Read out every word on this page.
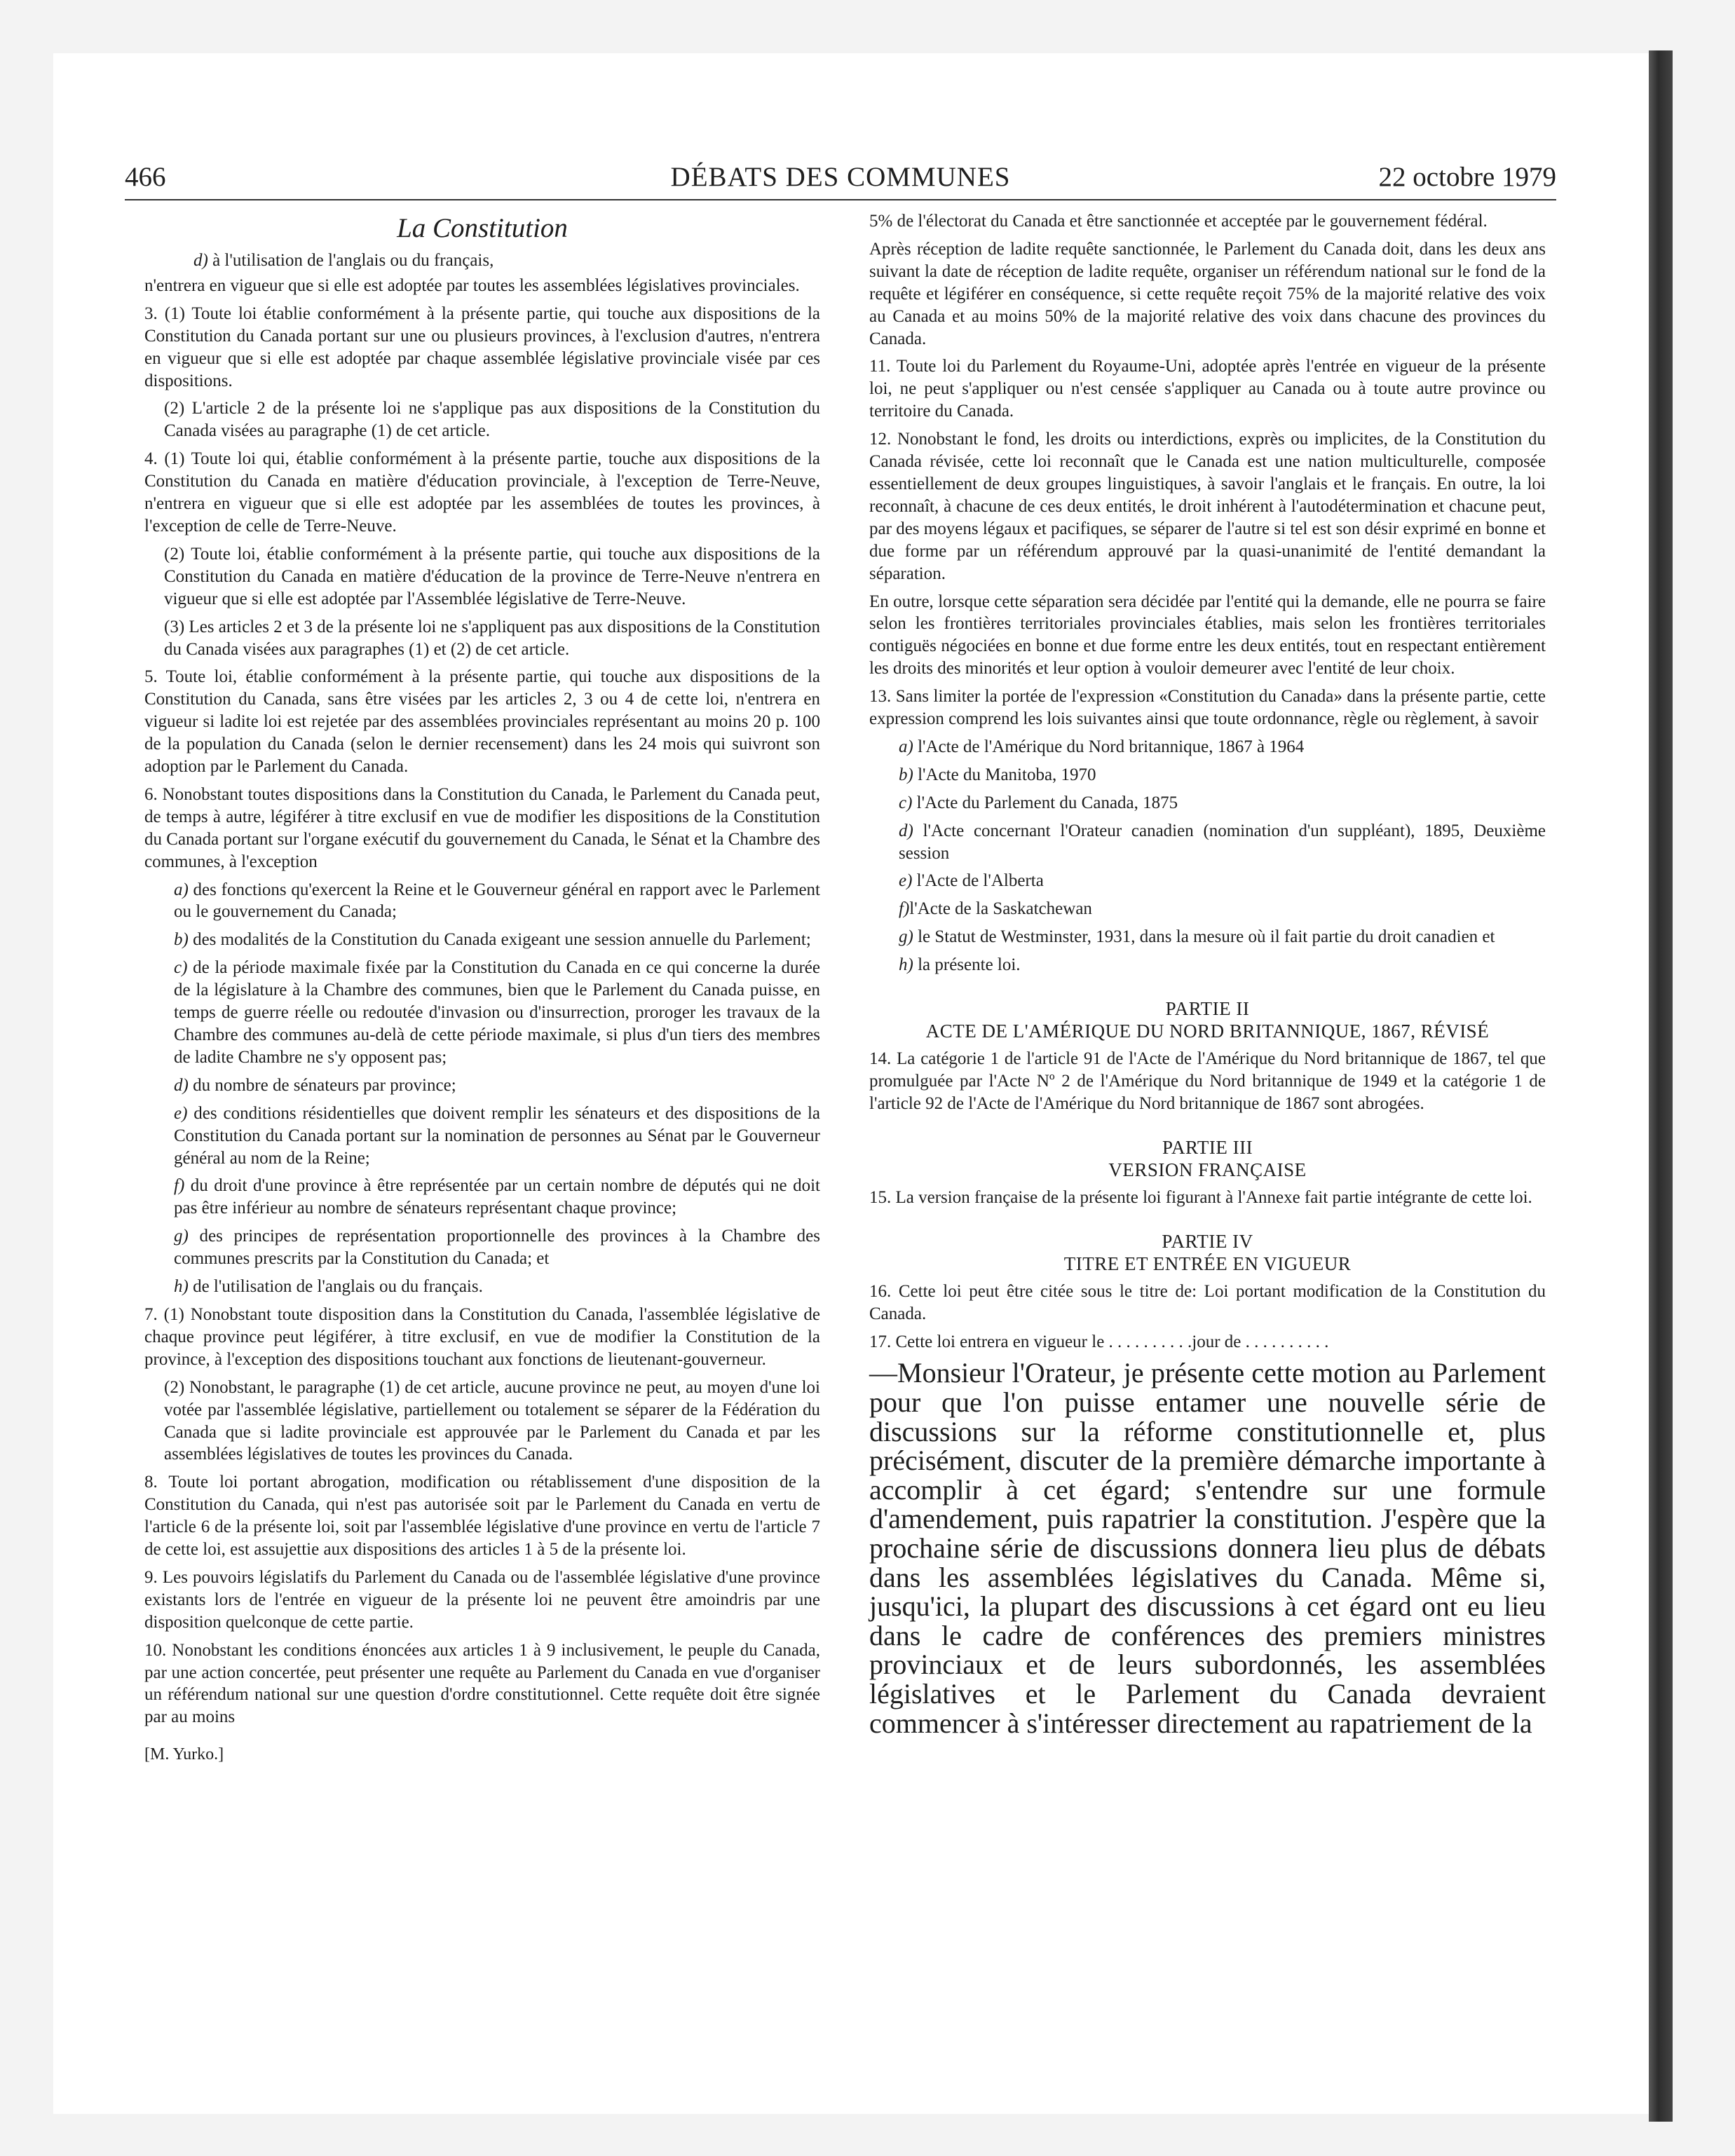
466	DÉBATS DES COMMUNES	22 octobre 1979
La Constitution

d) à l'utilisation de l'anglais ou du français,

n'entrera en vigueur que si elle est adoptée par toutes les assemblées législatives provinciales.

3. (1) Toute loi établie conformément à la présente partie, qui touche aux dispositions de la Constitution du Canada portant sur une ou plusieurs provinces, à l'exclusion d'autres, n'entrera en vigueur que si elle est adoptée par chaque assemblée législative provinciale visée par ces dispositions.

(2) L'article 2 de la présente loi ne s'applique pas aux dispositions de la Constitution du Canada visées au paragraphe (1) de cet article.

4. (1) Toute loi qui, établie conformément à la présente partie, touche aux dispositions de la Constitution du Canada en matière d'éducation provinciale, à l'exception de Terre-Neuve, n'entrera en vigueur que si elle est adoptée par les assemblées de toutes les provinces, à l'exception de celle de Terre-Neuve.

(2) Toute loi, établie conformément à la présente partie, qui touche aux dispositions de la Constitution du Canada en matière d'éducation de la province de Terre-Neuve n'entrera en vigueur que si elle est adoptée par l'Assemblée législative de Terre-Neuve.

(3) Les articles 2 et 3 de la présente loi ne s'appliquent pas aux dispositions de la Constitution du Canada visées aux paragraphes (1) et (2) de cet article.

5. Toute loi, établie conformément à la présente partie, qui touche aux dispositions de la Constitution du Canada, sans être visées par les articles 2, 3 ou 4 de cette loi, n'entrera en vigueur si ladite loi est rejetée par des assemblées provinciales représentant au moins 20 p. 100 de la population du Canada (selon le dernier recensement) dans les 24 mois qui suivront son adoption par le Parlement du Canada.

6. Nonobstant toutes dispositions dans la Constitution du Canada, le Parlement du Canada peut, de temps à autre, légiférer à titre exclusif en vue de modifier les dispositions de la Constitution du Canada portant sur l'organe exécutif du gouvernement du Canada, le Sénat et la Chambre des communes, à l'exception

a) des fonctions qu'exercent la Reine et le Gouverneur général en rapport avec le Parlement ou le gouvernement du Canada;

b) des modalités de la Constitution du Canada exigeant une session annuelle du Parlement;

c) de la période maximale fixée par la Constitution du Canada en ce qui concerne la durée de la législature à la Chambre des communes, bien que le Parlement du Canada puisse, en temps de guerre réelle ou redoutée d'invasion ou d'insurrection, proroger les travaux de la Chambre des communes au-delà de cette période maximale, si plus d'un tiers des membres de ladite Chambre ne s'y opposent pas;

d) du nombre de sénateurs par province;

e) des conditions résidentielles que doivent remplir les sénateurs et des dispositions de la Constitution du Canada portant sur la nomination de personnes au Sénat par le Gouverneur général au nom de la Reine;

f) du droit d'une province à être représentée par un certain nombre de députés qui ne doit pas être inférieur au nombre de sénateurs représentant chaque province;

g) des principes de représentation proportionnelle des provinces à la Chambre des communes prescrits par la Constitution du Canada; et

h) de l'utilisation de l'anglais ou du français.

7. (1) Nonobstant toute disposition dans la Constitution du Canada, l'assemblée législative de chaque province peut légiférer, à titre exclusif, en vue de modifier la Constitution de la province, à l'exception des dispositions touchant aux fonctions de lieutenant-gouverneur.

(2) Nonobstant, le paragraphe (1) de cet article, aucune province ne peut, au moyen d'une loi votée par l'assemblée législative, partiellement ou totalement se séparer de la Fédération du Canada que si ladite provinciale est approuvée par le Parlement du Canada et par les assemblées législatives de toutes les provinces du Canada.

8. Toute loi portant abrogation, modification ou rétablissement d'une disposition de la Constitution du Canada, qui n'est pas autorisée soit par le Parlement du Canada en vertu de l'article 6 de la présente loi, soit par l'assemblée législative d'une province en vertu de l'article 7 de cette loi, est assujettie aux dispositions des articles 1 à 5 de la présente loi.

9. Les pouvoirs législatifs du Parlement du Canada ou de l'assemblée législative d'une province existants lors de l'entrée en vigueur de la présente loi ne peuvent être amoindris par une disposition quelconque de cette partie.

10. Nonobstant les conditions énoncées aux articles 1 à 9 inclusivement, le peuple du Canada, par une action concertée, peut présenter une requête au Parlement du Canada en vue d'organiser un référendum national sur une question d'ordre constitutionnel. Cette requête doit être signée par au moins

[M. Yurko.]

5% de l'électorat du Canada et être sanctionnée et acceptée par le gouvernement fédéral.

Après réception de ladite requête sanctionnée, le Parlement du Canada doit, dans les deux ans suivant la date de réception de ladite requête, organiser un référendum national sur le fond de la requête et légiférer en conséquence, si cette requête reçoit 75% de la majorité relative des voix au Canada et au moins 50% de la majorité relative des voix dans chacune des provinces du Canada.

11. Toute loi du Parlement du Royaume-Uni, adoptée après l'entrée en vigueur de la présente loi, ne peut s'appliquer ou n'est censée s'appliquer au Canada ou à toute autre province ou territoire du Canada.

12. Nonobstant le fond, les droits ou interdictions, exprès ou implicites, de la Constitution du Canada révisée, cette loi reconnaît que le Canada est une nation multiculturelle, composée essentiellement de deux groupes linguistiques, à savoir l'anglais et le français. En outre, la loi reconnaît, à chacune de ces deux entités, le droit inhérent à l'autodétermination et chacune peut, par des moyens légaux et pacifiques, se séparer de l'autre si tel est son désir exprimé en bonne et due forme par un référendum approuvé par la quasi-unanimité de l'entité demandant la séparation.

En outre, lorsque cette séparation sera décidée par l'entité qui la demande, elle ne pourra se faire selon les frontières territoriales provinciales établies, mais selon les frontières territoriales contiguës négociées en bonne et due forme entre les deux entités, tout en respectant entièrement les droits des minorités et leur option à vouloir demeurer avec l'entité de leur choix.

13. Sans limiter la portée de l'expression «Constitution du Canada» dans la présente partie, cette expression comprend les lois suivantes ainsi que toute ordonnance, règle ou règlement, à savoir

a) l'Acte de l'Amérique du Nord britannique, 1867 à 1964

b) l'Acte du Manitoba, 1970

c) l'Acte du Parlement du Canada, 1875

d) l'Acte concernant l'Orateur canadien (nomination d'un suppléant), 1895, Deuxième session

e) l'Acte de l'Alberta

f)l'Acte de la Saskatchewan

g) le Statut de Westminster, 1931, dans la mesure où il fait partie du droit canadien et

h) la présente loi.

PARTIE II
ACTE DE L'AMÉRIQUE DU NORD BRITANNIQUE, 1867, RÉVISÉ

14. La catégorie 1 de l'article 91 de l'Acte de l'Amérique du Nord britannique de 1867, tel que promulguée par l'Acte Nº 2 de l'Amérique du Nord britannique de 1949 et la catégorie 1 de l'article 92 de l'Acte de l'Amérique du Nord britannique de 1867 sont abrogées.

PARTIE III
VERSION FRANÇAISE

15. La version française de la présente loi figurant à l'Annexe fait partie intégrante de cette loi.

PARTIE IV
TITRE ET ENTRÉE EN VIGUEUR

16. Cette loi peut être citée sous le titre de: Loi portant modification de la Constitution du Canada.

17. Cette loi entrera en vigueur le . . . . . . . . . .jour de . . . . . . . . . .

—Monsieur l'Orateur, je présente cette motion au Parlement pour que l'on puisse entamer une nouvelle série de discussions sur la réforme constitutionnelle et, plus précisément, discuter de la première démarche importante à accomplir à cet égard; s'entendre sur une formule d'amendement, puis rapatrier la constitution. J'espère que la prochaine série de discussions donnera lieu plus de débats dans les assemblées législatives du Canada. Même si, jusqu'ici, la plupart des discussions à cet égard ont eu lieu dans le cadre de conférences des premiers ministres provinciaux et de leurs subordonnés, les assemblées législatives et le Parlement du Canada devraient commencer à s'intéresser directement au rapatriement de la
